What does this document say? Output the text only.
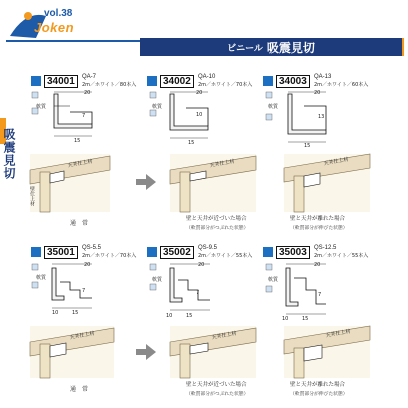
vol.38
Joken
ビニール 吸震見切
吸震見切
34001	QA-7
2m／ホワイト／80本入
軟質
20
7
15
34002	QA-10
2m／ホワイト／70本入
軟質
20
10
15
34003	QA-13
2m／ホワイト／60本入
軟質
20
13
15
天井仕上材
壁仕上材
通　常
天井仕上材
壁と天井が近づいた場合
（軟質部分がつぶれた状態）
天井仕上材
壁と天井が離れた場合
（軟質部分が伸びた状態）
35001	QS-5.5
2m／ホワイト／70本入
軟質
20
7
10	15
35002	QS-9.5
2m／ホワイト／55本入
軟質
20
7
10	15
35003	QS-12.5
2m／ホワイト／55本入
軟質
20
7
10	15
天井仕上材
通　常
天井仕上材
壁と天井が近づいた場合
（軟質部分がつぶれた状態）
天井仕上材
壁と天井が離れた場合
（軟質部分が伸びた状態）
